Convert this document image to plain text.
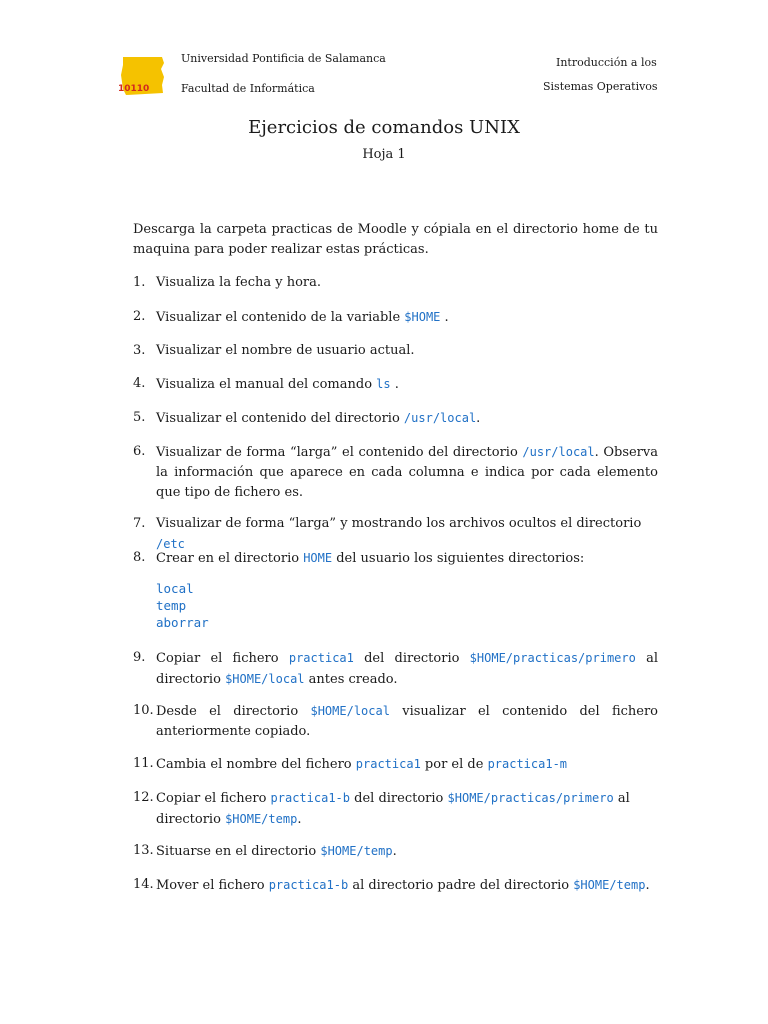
10110
Universidad Pontificia de Salamanca
Facultad de Informática
Introducción a los
Sistemas Operativos
Ejercicios de comandos UNIX
Hoja 1

Descarga la carpeta practicas de Moodle y cópiala en el directorio home de tu maquina para poder realizar estas prácticas.

1. Visualiza la fecha y hora.
2. Visualizar el contenido de la variable $HOME .
3. Visualizar el nombre de usuario actual.
4. Visualiza el manual del comando ls .
5. Visualizar el contenido del directorio /usr/local.
6. Visualizar de forma “larga” el contenido del directorio /usr/local. Observa la información que aparece en cada columna e indica por cada elemento que tipo de fichero es.
7. Visualizar de forma “larga” y mostrando los archivos ocultos el directorio /etc
8. Crear en el directorio HOME del usuario los siguientes directorios:
9. Copiar el fichero practica1 del directorio $HOME/practicas/primero al directorio $HOME/local antes creado.
10. Desde el directorio $HOME/local visualizar el contenido del fichero anteriormente copiado.
11. Cambia el nombre del fichero practica1 por el de practica1-m
12. Copiar el fichero practica1-b del directorio $HOME/practicas/primero al directorio $HOME/temp.
13. Situarse en el directorio $HOME/temp.
14. Mover el fichero practica1-b al directorio padre del directorio $HOME/temp.
local
temp
aborrar
